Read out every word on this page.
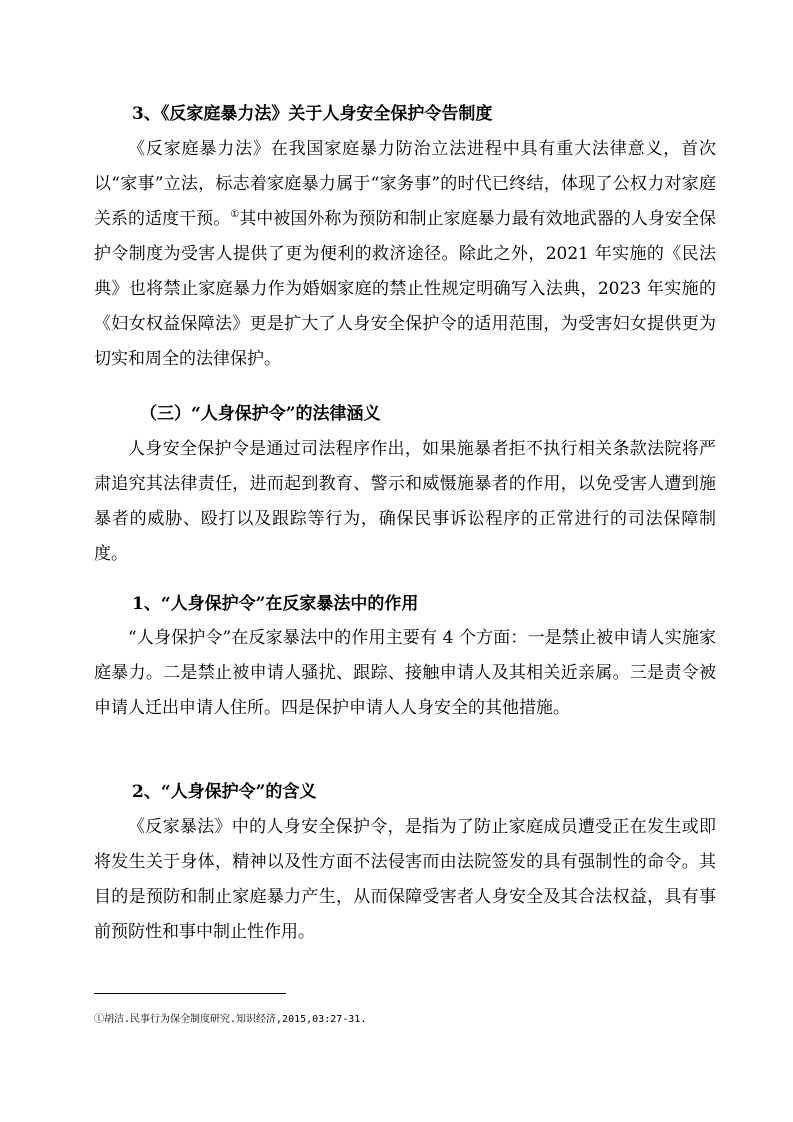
3、《反家庭暴力法》关于人身安全保护令告制度

《反家庭暴力法》在我国家庭暴力防治立法进程中具有重大法律意义，首次以“家事”立法，标志着家庭暴力属于“家务事”的时代已终结，体现了公权力对家庭关系的适度干预。①其中被国外称为预防和制止家庭暴力最有效地武器的人身安全保护令制度为受害人提供了更为便利的救济途径。除此之外，2021 年实施的《民法典》也将禁止家庭暴力作为婚姻家庭的禁止性规定明确写入法典，2023 年实施的《妇女权益保障法》更是扩大了人身安全保护令的适用范围，为受害妇女提供更为切实和周全的法律保护。

（三）“人身保护令”的法律涵义

人身安全保护令是通过司法程序作出，如果施暴者拒不执行相关条款法院将严肃追究其法律责任，进而起到教育、警示和威慑施暴者的作用，以免受害人遭到施暴者的威胁、殴打以及跟踪等行为，确保民事诉讼程序的正常进行的司法保障制度。

1、“人身保护令”在反家暴法中的作用

“人身保护令”在反家暴法中的作用主要有 4 个方面：一是禁止被申请人实施家庭暴力。二是禁止被申请人骚扰、跟踪、接触申请人及其相关近亲属。三是责令被申请人迁出申请人住所。四是保护申请人人身安全的其他措施。

2、“人身保护令”的含义

《反家暴法》中的人身安全保护令，是指为了防止家庭成员遭受正在发生或即将发生关于身体，精神以及性方面不法侵害而由法院签发的具有强制性的命令。其目的是预防和制止家庭暴力产生，从而保障受害者人身安全及其合法权益，具有事前预防性和事中制止性作用。

①胡洁.民事行为保全制度研究.知识经济,2015,03:27-31.
